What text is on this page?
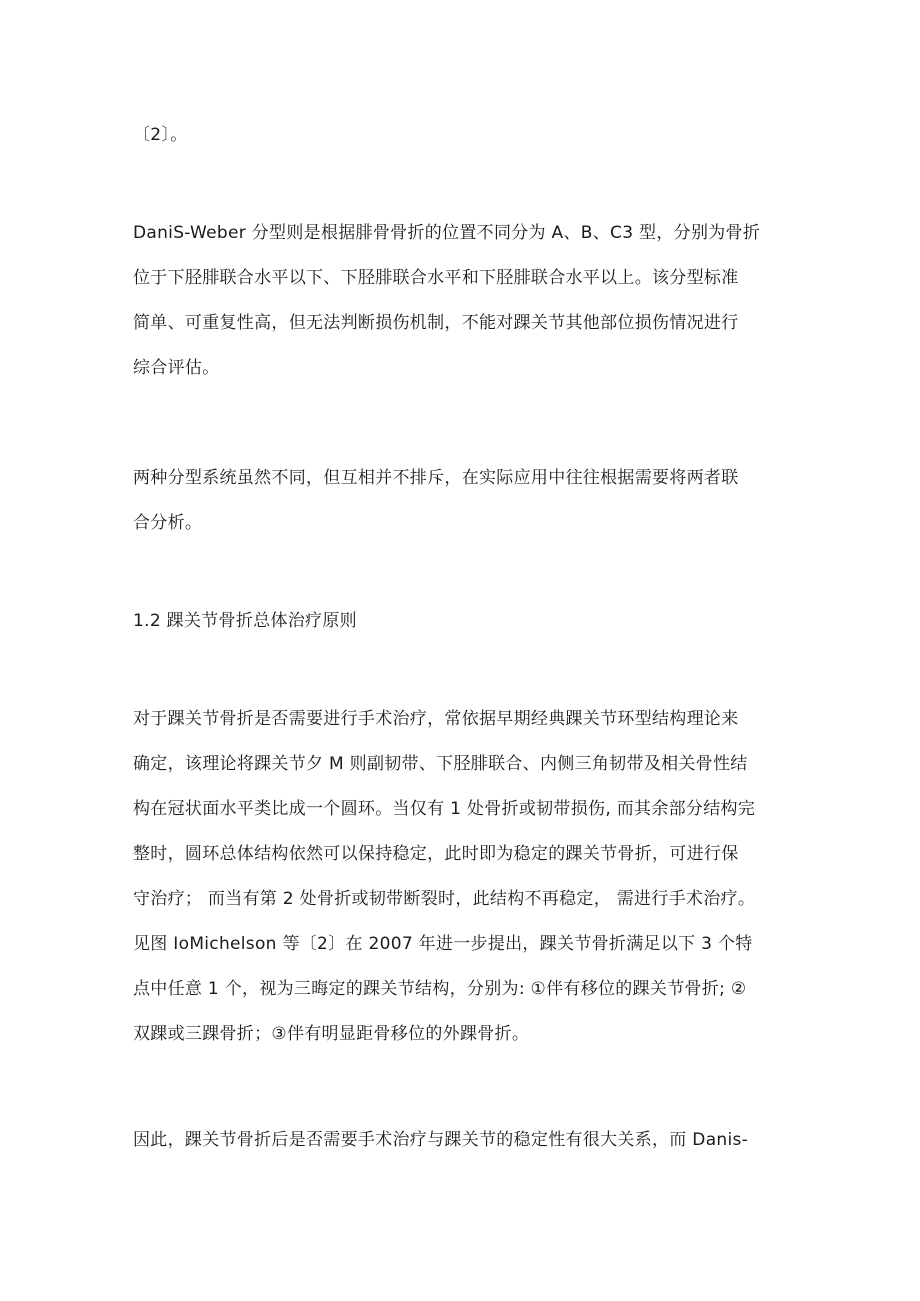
〔2〕。
DaniS-Weber 分型则是根据腓骨骨折的位置不同分为 A、B、C3 型，分别为骨折
位于下胫腓联合水平以下、下胫腓联合水平和下胫腓联合水平以上。该分型标准
简单、可重复性高，但无法判断损伤机制，不能对踝关节其他部位损伤情况进行
综合评估。
两种分型系统虽然不同，但互相并不排斥，在实际应用中往往根据需要将两者联
合分析。
1.2 踝关节骨折总体治疗原则
对于踝关节骨折是否需要进行手术治疗，常依据早期经典踝关节环型结构理论来
确定，该理论将踝关节夕 M 则副韧带、下胫腓联合、内侧三角韧带及相关骨性结
构在冠状面水平类比成一个圆环。当仅有 1 处骨折或韧带损伤, 而其余部分结构完
整时，圆环总体结构依然可以保持稳定，此时即为稳定的踝关节骨折，可进行保
守治疗； 而当有第 2 处骨折或韧带断裂时，此结构不再稳定， 需进行手术治疗。
见图 IoMichelson 等〔2〕在 2007 年进一步提出，踝关节骨折满足以下 3 个特
点中任意 1 个，视为三晦定的踝关节结构，分别为: ①伴有移位的踝关节骨折; ②
双踝或三踝骨折；③伴有明显距骨移位的外踝骨折。
因此，踝关节骨折后是否需要手术治疗与踝关节的稳定性有很大关系，而 Danis-
